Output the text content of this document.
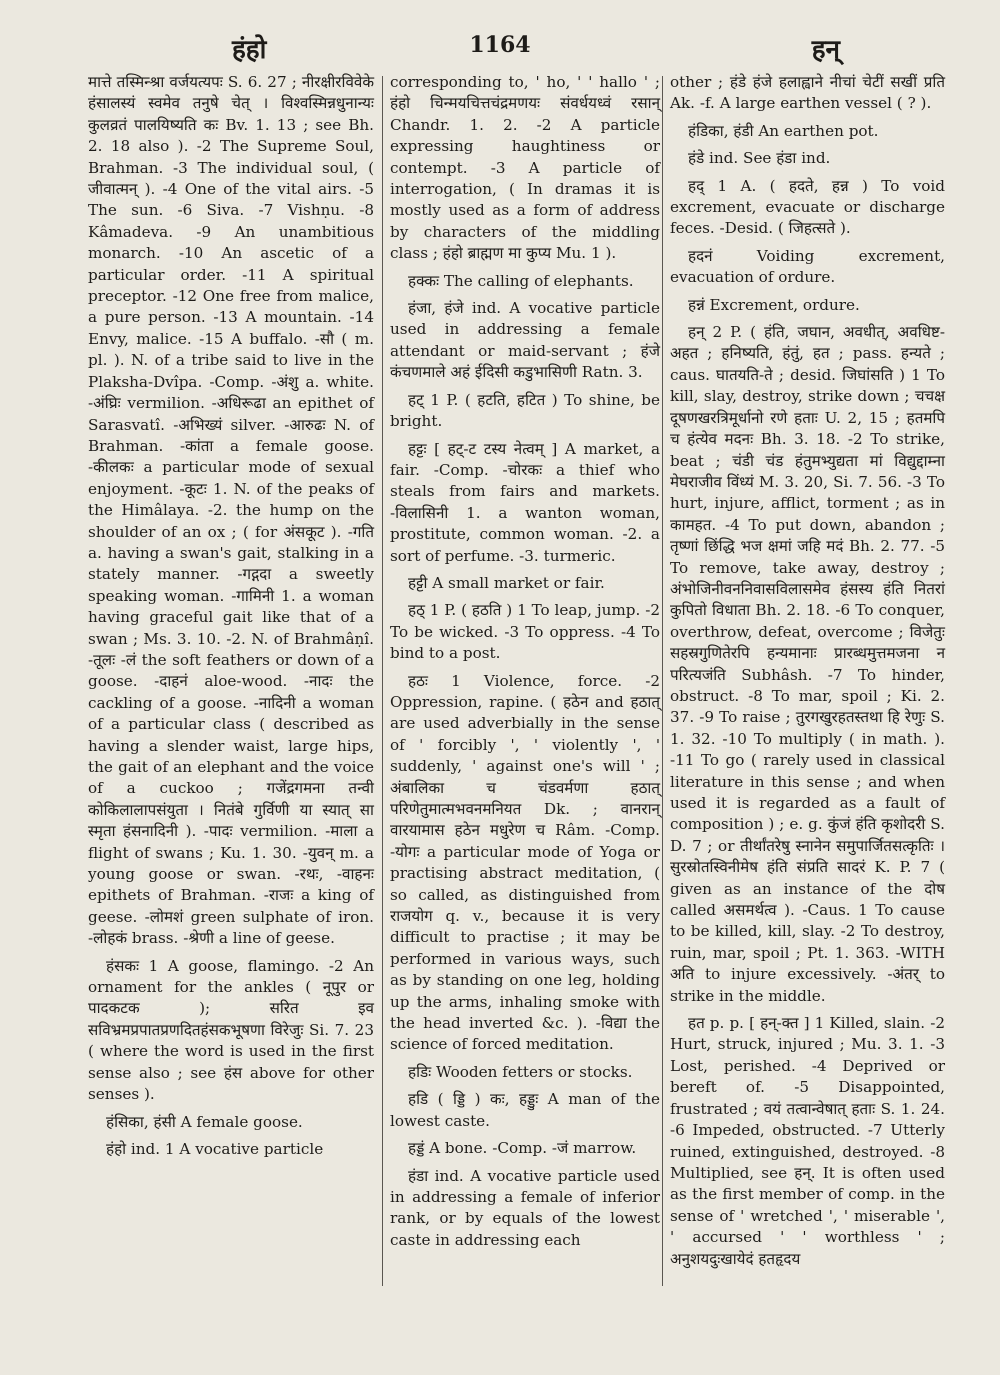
हंहो	1164	हन्

मात्ते तस्मिन्श्रा वर्जयत्यपः S. 6. 27 ; नीरक्षीरविवेके हंसालस्यं स्वमेव तनुषे चेत् । विश्वस्मिन्नधुनान्यः कुलव्रतं पालयिष्यति कः Bv. 1. 13 ; see Bh. 2. 18 also ). -2 The Supreme Soul, Brahman. -3 The individual soul, ( जीवात्मन् ). -4 One of the vital airs. -5 The sun. -6 Siva. -7 Vishṇu. -8 Kâmadeva. -9 An unambitious monarch. -10 An ascetic of a particular order. -11 A spiritual preceptor. -12 One free from malice, a pure person. -13 A mountain. -14 Envy, malice. -15 A buffalo. -सौ ( m. pl. ). N. of a tribe said to live in the Plaksha-Dvîpa. -Comp. -अंशु a. white. -अंघ्रिः vermilion. -अधिरूढा an epithet of Sarasvatî. -अभिख्यं silver. -आरुढः N. of Brahman. -कांता a female goose. -कीलकः a particular mode of sexual enjoyment. -कूटः 1. N. of the peaks of the Himâlaya. -2. the hump on the shoulder of an ox ; ( for अंसकूट ). -गति a. having a swan's gait, stalking in a stately manner. -गद्गदा a sweetly speaking woman. -गामिनी 1. a woman having graceful gait like that of a swan ; Ms. 3. 10. -2. N. of Brahmâṇî. -तूलः -लं the soft feathers or down of a goose. -दाहनं aloe-wood. -नादः the cackling of a goose. -नादिनी a woman of a particular class ( described as having a slender waist, large hips, the gait of an elephant and the voice of a cuckoo ; गजेंद्रगमना तन्वी कोकिलालापसंयुता । नितंबे गुर्विणी या स्यात् सा स्मृता हंसनादिनी ). -पादः vermilion. -माला a flight of swans ; Ku. 1. 30. -युवन् m. a young goose or swan. -रथः, -वाहनः epithets of Brahman. -राजः a king of geese. -लोमशं green sulphate of iron. -लोहकं brass. -श्रेणी a line of geese.

हंसकः 1 A goose, flamingo. -2 An ornament for the ankles ( नूपुर or पादकटक ); सरित इव सविभ्रमप्रपातप्रणदितहंसकभूषणा विरेजुः Si. 7. 23 ( where the word is used in the first sense also ; see हंस above for other senses ).

हंसिका, हंसी A female goose.

हंहो ind. 1 A vocative particle

corresponding to, ' ho, ' ' hallo ' ; हंहो चिन्मयचित्तचंद्रमणयः संवर्धयध्वं रसान् Chandr. 1. 2. -2 A particle expressing haughtiness or contempt. -3 A particle of interrogation, ( In dramas it is mostly used as a form of address by characters of the middling class ; हंहो ब्राह्मण मा कुप्य Mu. 1 ).

हक्कः The calling of elephants.

हंजा, हंजे ind. A vocative particle used in addressing a female attendant or maid-servant ; हंजे कंचणमाले अहं ईदिसी कडुभासिणी Ratn. 3.

हट् 1 P. ( हटति, हटित ) To shine, be bright.

हट्टः [ हट्-ट टस्य नेत्वम् ] A market, a fair. -Comp. -चोरकः a thief who steals from fairs and markets. -विलासिनी 1. a wanton woman, prostitute, common woman. -2. a sort of perfume. -3. turmeric.

हट्टी A small market or fair.

हठ् 1 P. ( हठति ) 1 To leap, jump. -2 To be wicked. -3 To oppress. -4 To bind to a post.

हठः 1 Violence, force. -2 Oppression, rapine. ( हठेन and हठात् are used adverbially in the sense of ' forcibly ', ' violently ', ' suddenly, ' against one's will ' ; अंबालिका च चंडवर्मणा हठात् परिणेतुमात्मभवनमनियत Dk. ; वानरान् वारयामास हठेन मधुरेण च Râm. -Comp. -योगः a particular mode of Yoga or practising abstract meditation, ( so called, as distinguished from राजयोग q. v., because it is very difficult to practise ; it may be performed in various ways, such as by standing on one leg, holding up the arms, inhaling smoke with the head inverted &c. ). -विद्या the science of forced meditation.

हडिः Wooden fetters or stocks.

हडि ( ड्डि ) कः, हड्डुः A man of the lowest caste.

हड्डं A bone. -Comp. -जं marrow.

हंडा ind. A vocative particle used in addressing a female of inferior rank, or by equals of the lowest caste in addressing each

other ; हंडे हंजे हलाह्वाने नीचां चेटीं सखीं प्रति Ak. -f. A large earthen vessel ( ? ).

हंडिका, हंडी An earthen pot.

हंडे ind. See हंडा ind.

हद् 1 A. ( हदते, हन्न ) To void excrement, evacuate or discharge feces. -Desid. ( जिहत्सते ).

हदनं Voiding excrement, evacuation of ordure.

हन्नं Excrement, ordure.

हन् 2 P. ( हंति, जघान, अवधीत्, अवधिष्ट-अहत ; हनिष्यति, हंतुं, हत ; pass. हन्यते ; caus. घातयति-ते ; desid. जिघांसति ) 1 To kill, slay, destroy, strike down ; चचक्ष दूषणखरत्रिमूर्धानो रणे हताः U. 2, 15 ; हतमपि च हंत्येव मदनः Bh. 3. 18. -2 To strike, beat ; चंडी चंड हंतुमभ्युद्यता मां विद्युद्दाम्ना मेघराजीव विंध्यं M. 3. 20, Si. 7. 56. -3 To hurt, injure, afflict, torment ; as in कामहत. -4 To put down, abandon ; तृष्णां छिंद्धि भज क्षमां जहि मदं Bh. 2. 77. -5 To remove, take away, destroy ; अंभोजिनीवननिवासविलासमेव हंसस्य हंति नितरां कुपितो विधाता Bh. 2. 18. -6 To conquer, overthrow, defeat, overcome ; विजेतुः सहस्रगुणितेरपि हन्यमानाः प्रारब्धमुत्तमजना न परित्यजंति Subhâsh. -7 To hinder, obstruct. -8 To mar, spoil ; Ki. 2. 37. -9 To raise ; तुरगखुरहतस्तथा हि रेणुः S. 1. 32. -10 To multiply ( in math. ). -11 To go ( rarely used in classical literature in this sense ; and when used it is regarded as a fault of composition ) ; e. g. कुंजं हंति कृशोदरी S. D. 7 ; or तीर्थांतरेषु स्नानेन समुपार्जितसत्कृतिः । सुरस्रोतस्विनीमेष हंति संप्रति सादरं K. P. 7 ( given as an instance of the दोष called असमर्थत्व ). -Caus. 1 To cause to be killed, kill, slay. -2 To destroy, ruin, mar, spoil ; Pt. 1. 363. -WITH अति to injure excessively. -अंतर् to strike in the middle.

हत p. p. [ हन्-क्त ] 1 Killed, slain. -2 Hurt, struck, injured ; Mu. 3. 1. -3 Lost, perished. -4 Deprived or bereft of. -5 Disappointed, frustrated ; वयं तत्वान्वेषात् हताः S. 1. 24. -6 Impeded, obstructed. -7 Utterly ruined, extinguished, destroyed. -8 Multiplied, see हन्. It is often used as the first member of comp. in the sense of ' wretched ', ' miserable ', ' accursed ' ' worthless ' ; अनुशयदुःखायेदं हतहृदय
